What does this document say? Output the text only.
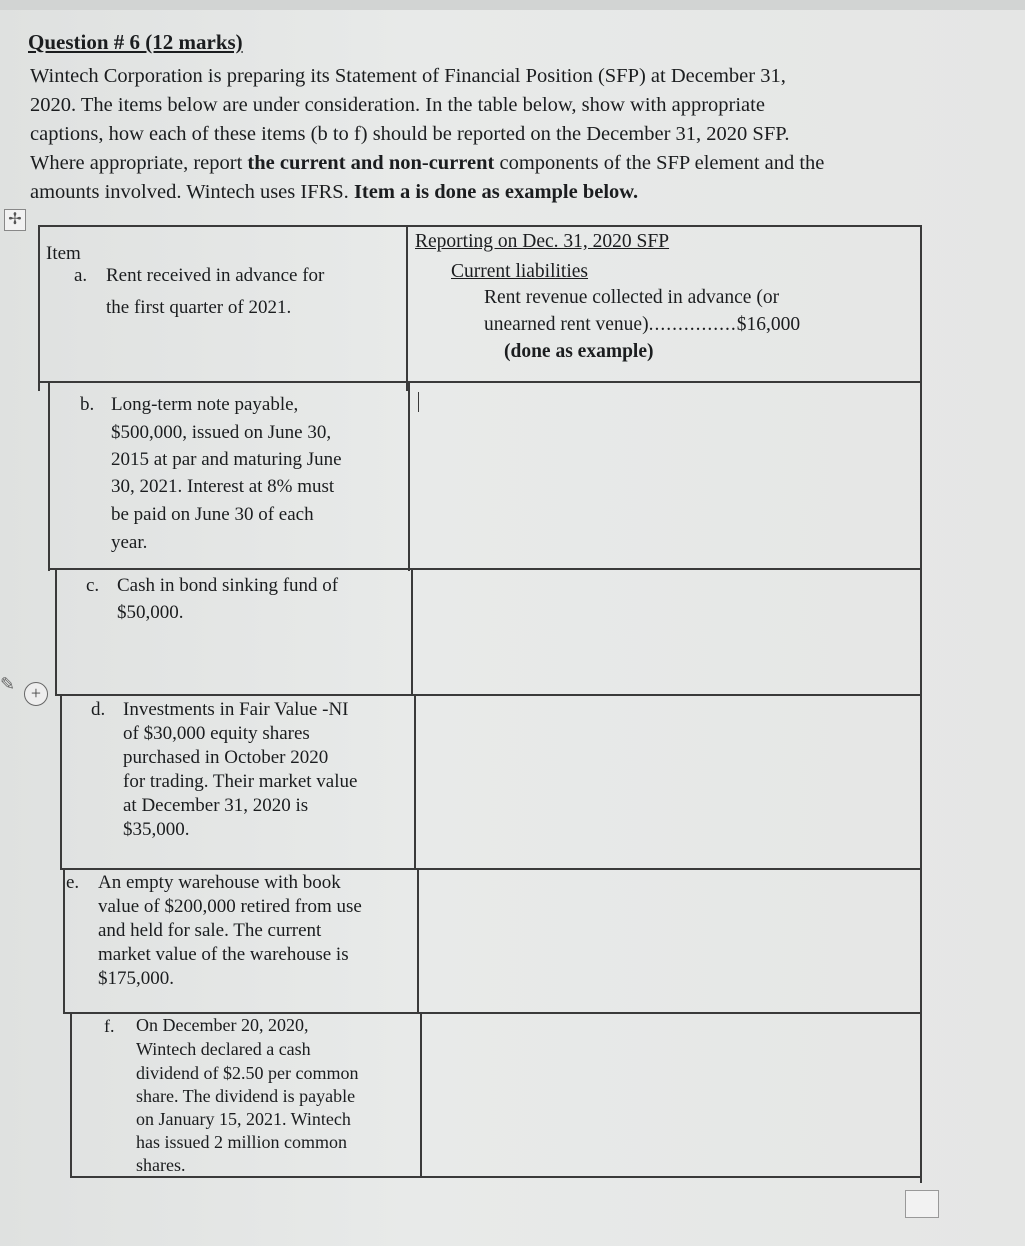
Question # 6 (12 marks)

Wintech Corporation is preparing its Statement of Financial Position (SFP) at December 31,

2020. The items below are under consideration. In the table below, show with appropriate

captions, how each of these items (b to f) should be reported on the December 31, 2020 SFP.

Where appropriate, report the current and non-current components of the SFP element and the

amounts involved. Wintech uses IFRS. Item a is done as example below.

✢
Item
Reporting on Dec. 31, 2020 SFP
a. Rent received in advance for
the first quarter of 2021.
Current liabilities
Rent revenue collected in advance (or
unearned rent venue)...............$16,000
(done as example)
b. Long-term note payable,
$500,000, issued on June 30,
2015 at par and maturing June
30, 2021. Interest at 8% must
be paid on June 30 of each
year.
c. Cash in bond sinking fund of
$50,000.
d. Investments in Fair Value -NI
of $30,000 equity shares
purchased in October 2020
for trading. Their market value
at December 31, 2020 is
$35,000.
e. An empty warehouse with book
value of $200,000 retired from use
and held for sale. The current
market value of the warehouse is
$175,000.
f. On December 20, 2020,
Wintech declared a cash
dividend of $2.50 per common
share. The dividend is payable
on January 15, 2021. Wintech
has issued 2 million common
shares.
✎ +
